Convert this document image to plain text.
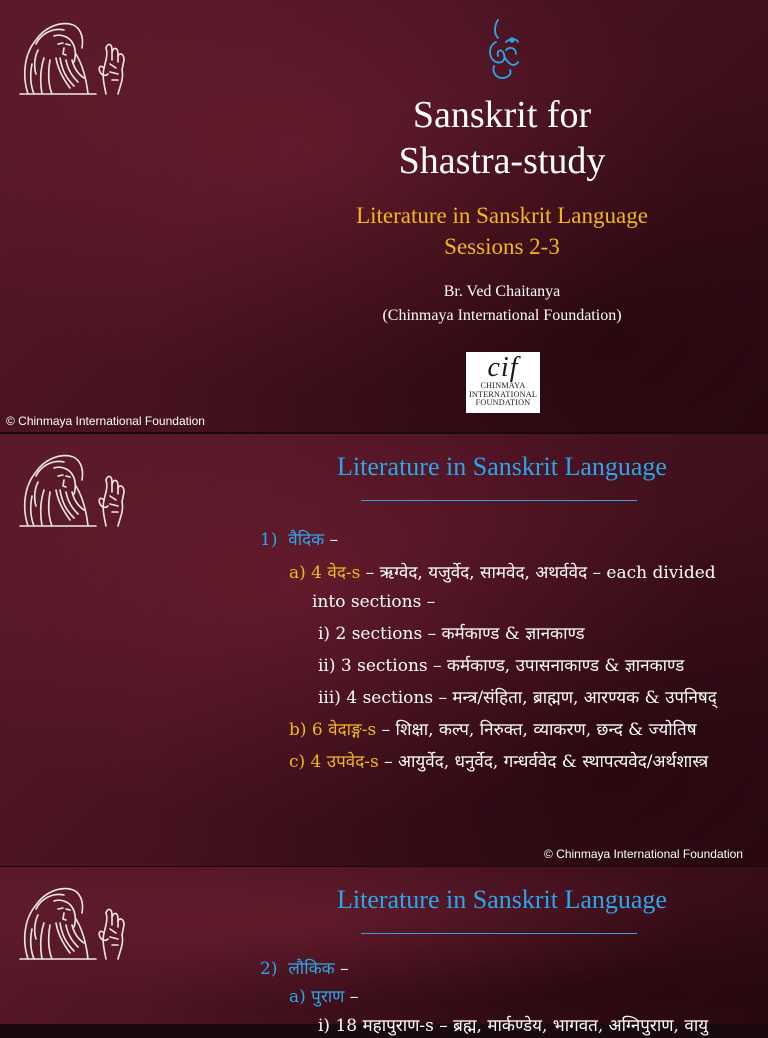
Sanskrit for
Shastra-study
Literature in Sanskrit Language
Sessions 2-3
Br. Ved Chaitanya
(Chinmaya International Foundation)
cif
CHINMAYA
INTERNATIONAL
FOUNDATION
© Chinmaya International Foundation
Literature in Sanskrit Language
1) वैदिक –
a) 4 वेद-s – ऋग्वेद, यजुर्वेद, सामवेद, अथर्ववेद – each divided
into sections –
i) 2 sections – कर्मकाण्ड & ज्ञानकाण्ड
ii) 3 sections – कर्मकाण्ड, उपासनाकाण्ड & ज्ञानकाण्ड
iii) 4 sections – मन्त्र/संहिता, ब्राह्मण, आरण्यक & उपनिषद्
b) 6 वेदाङ्ग-s – शिक्षा, कल्प, निरुक्त, व्याकरण, छन्द & ज्योतिष
c) 4 उपवेद-s – आयुर्वेद, धनुर्वेद, गन्धर्ववेद & स्थापत्यवेद/अर्थशास्त्र
© Chinmaya International Foundation
Literature in Sanskrit Language
2) लौकिक –
a) पुराण –
i) 18 महापुराण-s – ब्रह्म, मार्कण्डेय, भागवत, अग्निपुराण, वायु
